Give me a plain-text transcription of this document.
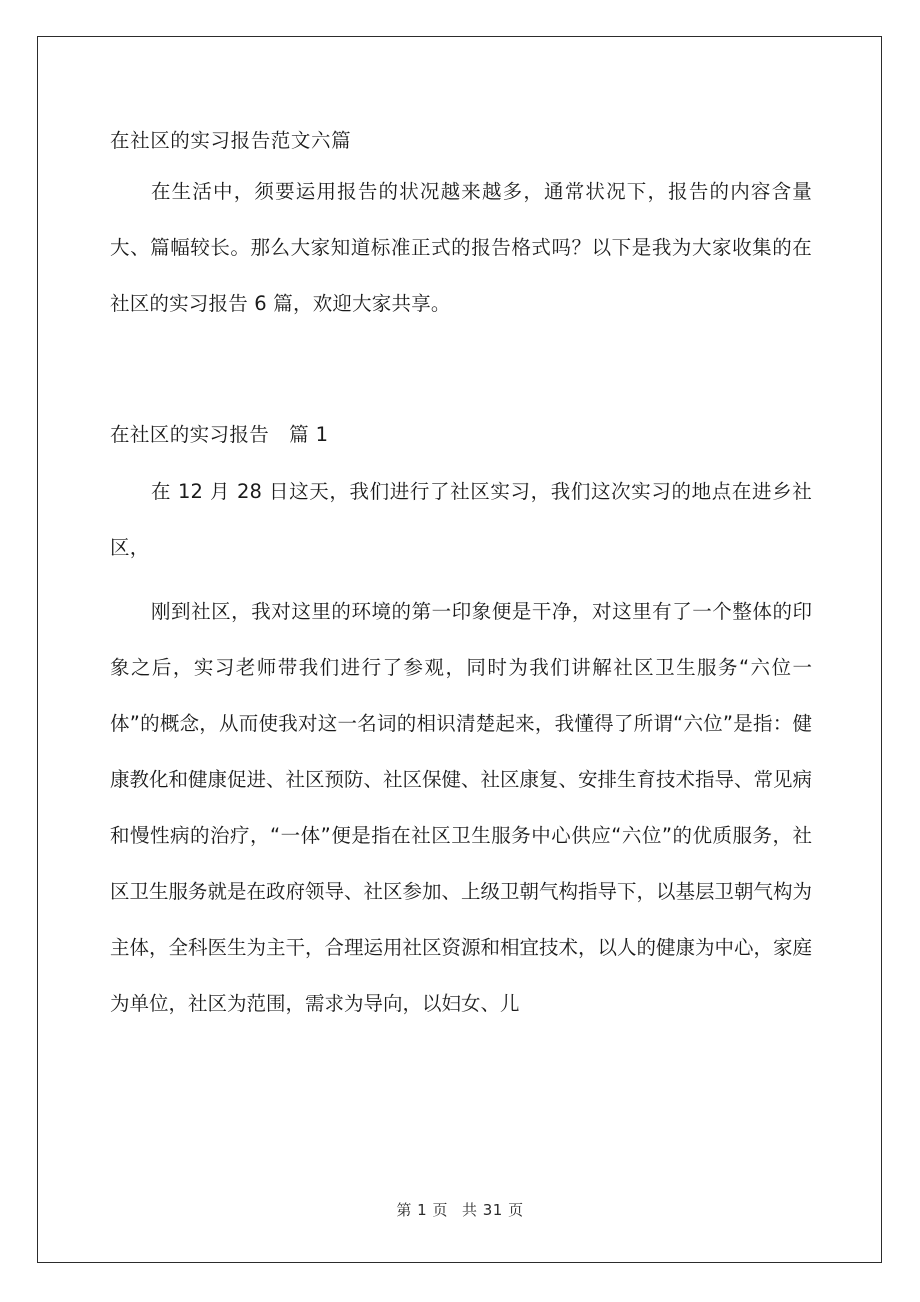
在社区的实习报告范文六篇
在生活中，须要运用报告的状况越来越多，通常状况下，报告的内容含量大、篇幅较长。那么大家知道标准正式的报告格式吗？以下是我为大家收集的在社区的实习报告 6 篇，欢迎大家共享。
在社区的实习报告　篇 1
在 12 月 28 日这天，我们进行了社区实习，我们这次实习的地点在进乡社区，
刚到社区，我对这里的环境的第一印象便是干净，对这里有了一个整体的印象之后，实习老师带我们进行了参观，同时为我们讲解社区卫生服务“六位一体”的概念，从而使我对这一名词的相识清楚起来，我懂得了所谓“六位”是指：健康教化和健康促进、社区预防、社区保健、社区康复、安排生育技术指导、常见病和慢性病的治疗，“一体”便是指在社区卫生服务中心供应“六位”的优质服务，社区卫生服务就是在政府领导、社区参加、上级卫朝气构指导下，以基层卫朝气构为主体，全科医生为主干，合理运用社区资源和相宜技术，以人的健康为中心，家庭为单位，社区为范围，需求为导向，以妇女、儿
第 1 页 共 31 页
